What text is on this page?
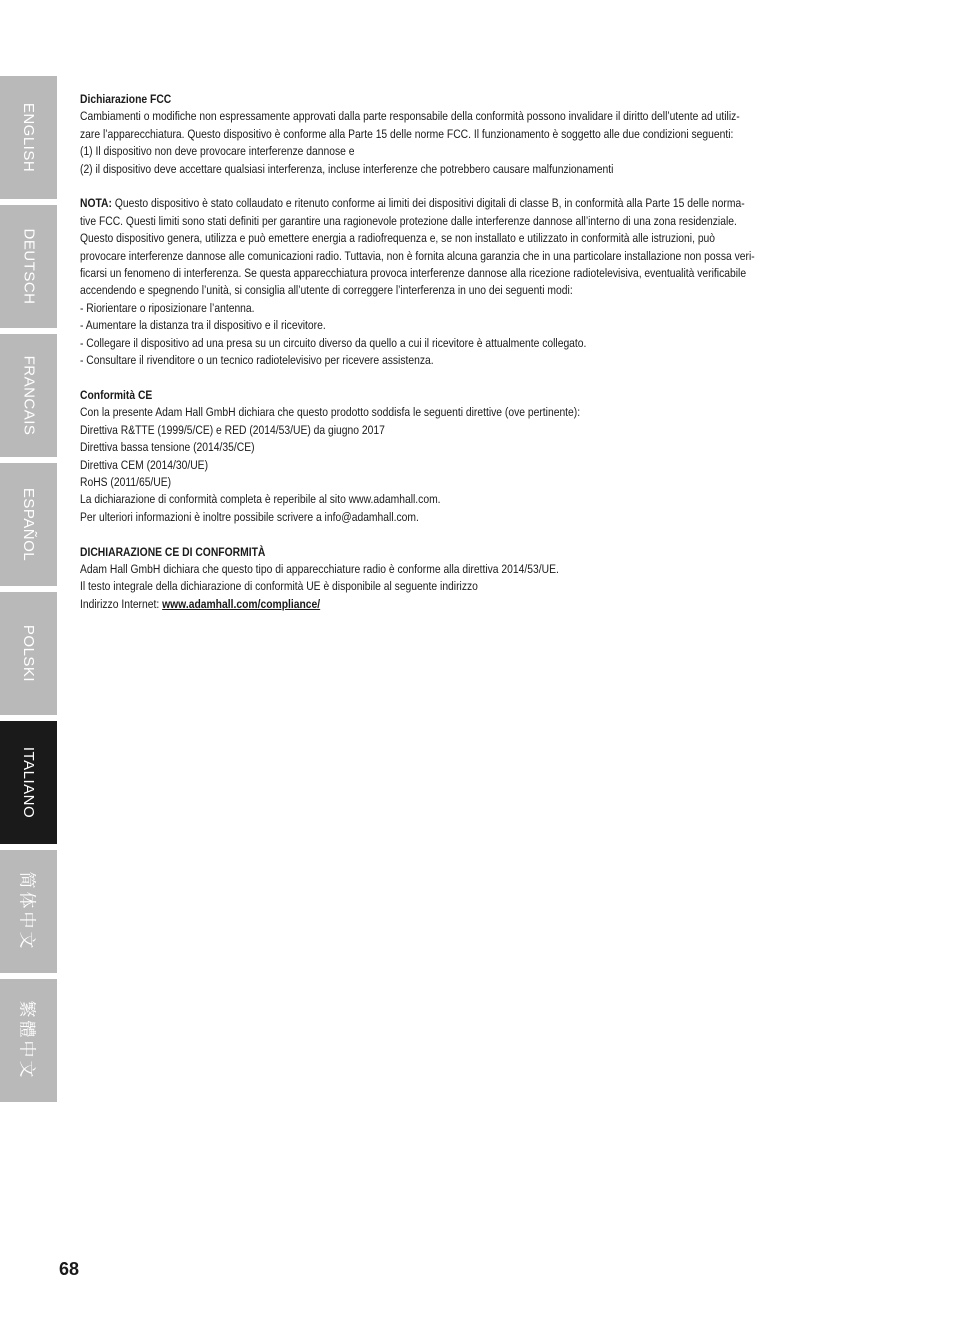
ENGLISH
DEUTSCH
FRANCAIS
ESPAÑOL
POLSKI
ITALIANO
简体中文
繁體中文
Dichiarazione FCC
Cambiamenti o modifiche non espressamente approvati dalla parte responsabile della conformità possono invalidare il diritto dell’utente ad utiliz-
zare l’apparecchiatura. Questo dispositivo è conforme alla Parte 15 delle norme FCC. Il funzionamento è soggetto alle due condizioni seguenti:
(1) Il dispositivo non deve provocare interferenze dannose e
(2) il dispositivo deve accettare qualsiasi interferenza, incluse interferenze che potrebbero causare malfunzionamenti
NOTA: Questo dispositivo è stato collaudato e ritenuto conforme ai limiti dei dispositivi digitali di classe B, in conformità alla Parte 15 delle norma-
tive FCC. Questi limiti sono stati definiti per garantire una ragionevole protezione dalle interferenze dannose all’interno di una zona residenziale.
Questo dispositivo genera, utilizza e può emettere energia a radiofrequenza e, se non installato e utilizzato in conformità alle istruzioni, può
provocare interferenze dannose alle comunicazioni radio. Tuttavia, non è fornita alcuna garanzia che in una particolare installazione non possa veri-
ficarsi un fenomeno di interferenza. Se questa apparecchiatura provoca interferenze dannose alla ricezione radiotelevisiva, eventualità verificabile
accendendo e spegnendo l’unità, si consiglia all’utente di correggere l’interferenza in uno dei seguenti modi:
- Riorientare o riposizionare l’antenna.
- Aumentare la distanza tra il dispositivo e il ricevitore.
- Collegare il dispositivo ad una presa su un circuito diverso da quello a cui il ricevitore è attualmente collegato.
- Consultare il rivenditore o un tecnico radiotelevisivo per ricevere assistenza.
Conformità CE
Con la presente Adam Hall GmbH dichiara che questo prodotto soddisfa le seguenti direttive (ove pertinente):
Direttiva R&TTE (1999/5/CE) e RED (2014/53/UE) da giugno 2017
Direttiva bassa tensione (2014/35/CE)
Direttiva CEM (2014/30/UE)
RoHS (2011/65/UE)
La dichiarazione di conformità completa è reperibile al sito www.adamhall.com.
Per ulteriori informazioni è inoltre possibile scrivere a info@adamhall.com.
DICHIARAZIONE CE DI CONFORMITÀ
Adam Hall GmbH dichiara che questo tipo di apparecchiature radio è conforme alla direttiva 2014/53/UE.
Il testo integrale della dichiarazione di conformità UE è disponibile al seguente indirizzo
Indirizzo Internet: www.adamhall.com/compliance/
68
